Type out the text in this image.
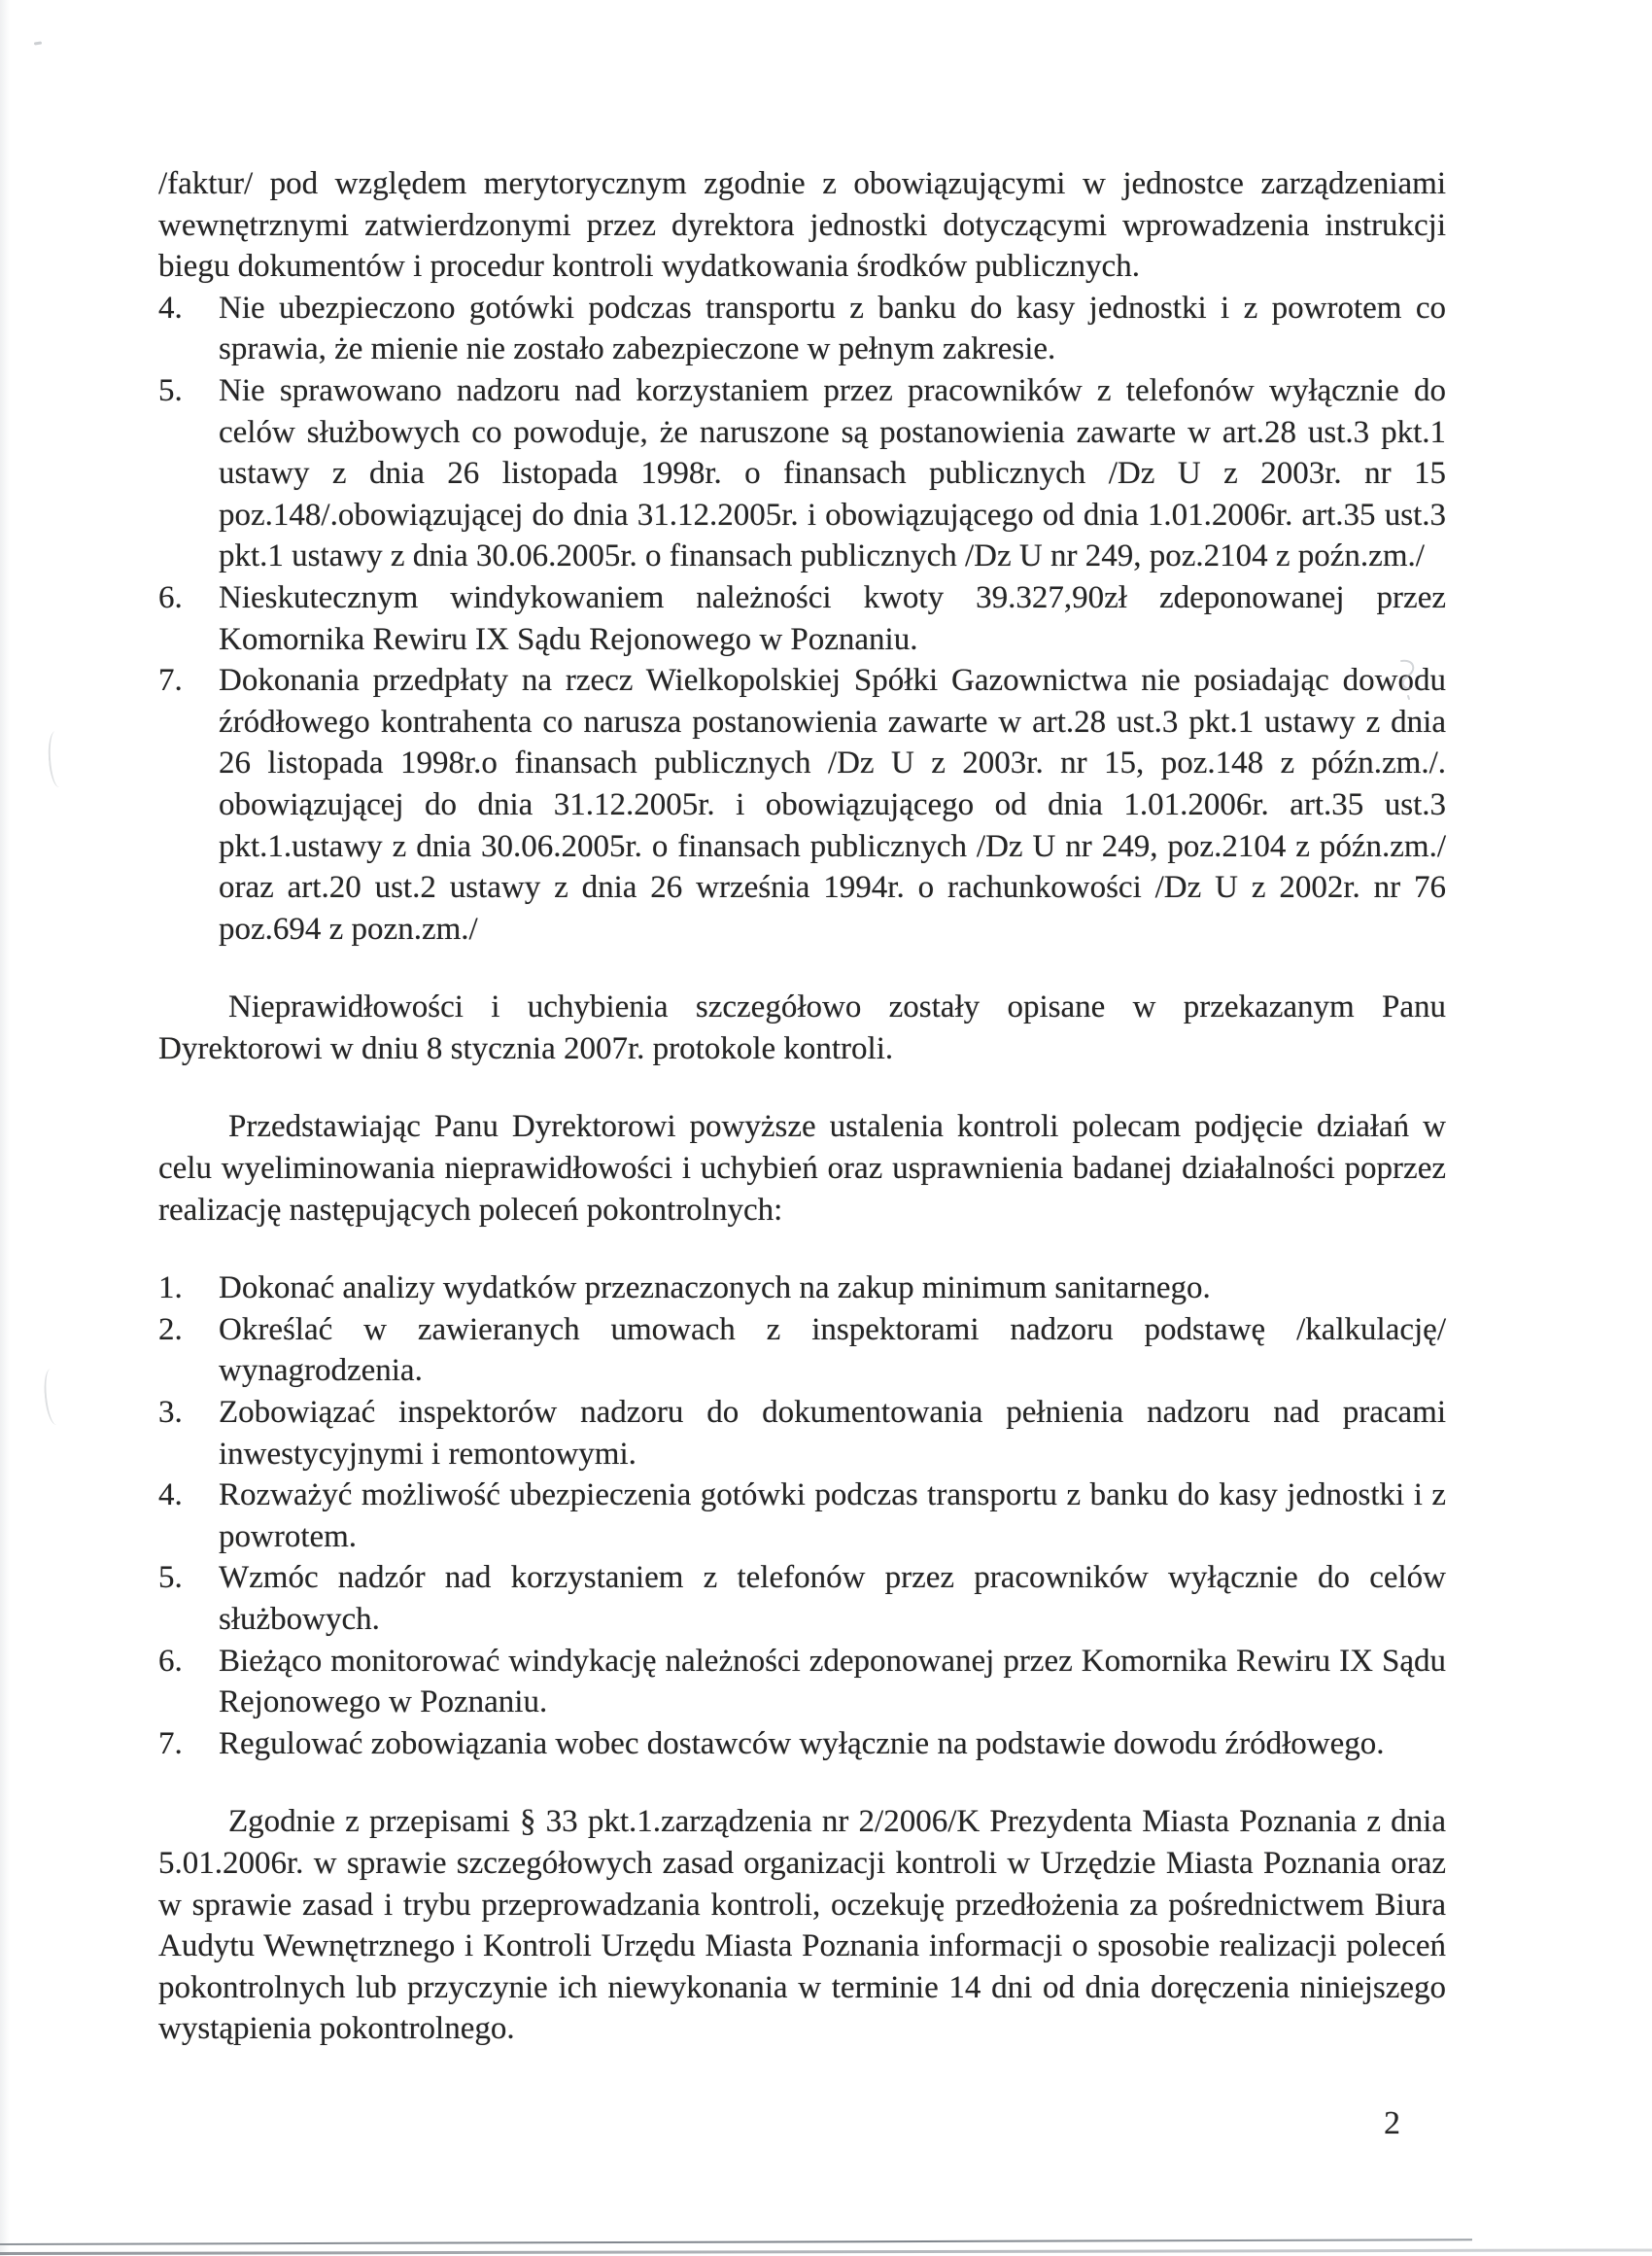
/faktur/ pod względem merytorycznym zgodnie z obowiązującymi w jednostce zarządzeniami wewnętrznymi zatwierdzonymi przez dyrektora jednostki dotyczącymi wprowadzenia instrukcji biegu dokumentów i procedur kontroli wydatkowania środków publicznych.

4.	Nie ubezpieczono gotówki podczas transportu z banku do kasy jednostki i z powrotem co sprawia, że mienie nie zostało zabezpieczone w pełnym zakresie.
5.	Nie sprawowano nadzoru nad korzystaniem przez pracowników z telefonów wyłącznie do celów służbowych co powoduje, że naruszone są postanowienia zawarte w art.28 ust.3 pkt.1 ustawy z dnia 26 listopada 1998r. o finansach publicznych /Dz U z 2003r. nr 15 poz.148/.obowiązującej do dnia 31.12.2005r. i obowiązującego od dnia 1.01.2006r. art.35 ust.3 pkt.1 ustawy z dnia 30.06.2005r. o finansach publicznych /Dz U nr 249, poz.2104 z poźn.zm./
6.	Nieskutecznym windykowaniem należności kwoty 39.327,90zł zdeponowanej przez Komornika Rewiru IX Sądu Rejonowego w Poznaniu.
7.	Dokonania przedpłaty na rzecz Wielkopolskiej Spółki Gazownictwa nie posiadając dowodu źródłowego kontrahenta co narusza postanowienia zawarte w art.28 ust.3 pkt.1 ustawy z dnia 26 listopada 1998r.o finansach publicznych /Dz U z 2003r. nr 15, poz.148 z późn.zm./. obowiązującej do dnia 31.12.2005r. i obowiązującego od dnia 1.01.2006r. art.35 ust.3 pkt.1.ustawy z dnia 30.06.2005r. o finansach publicznych /Dz U nr 249, poz.2104 z późn.zm./ oraz art.20 ust.2 ustawy z dnia 26 września 1994r. o rachunkowości /Dz U z 2002r. nr 76 poz.694 z pozn.zm./

Nieprawidłowości i uchybienia szczegółowo zostały opisane w przekazanym Panu Dyrektorowi w dniu 8 stycznia 2007r. protokole kontroli.

Przedstawiając Panu Dyrektorowi powyższe ustalenia kontroli polecam podjęcie działań w celu wyeliminowania nieprawidłowości i uchybień oraz usprawnienia badanej działalności poprzez realizację następujących poleceń pokontrolnych:

1.	Dokonać analizy wydatków przeznaczonych na zakup minimum sanitarnego.
2.	Określać w zawieranych umowach z inspektorami nadzoru podstawę /kalkulację/ wynagrodzenia.
3.	Zobowiązać inspektorów nadzoru do dokumentowania pełnienia nadzoru nad pracami inwestycyjnymi i remontowymi.
4.	Rozważyć możliwość ubezpieczenia gotówki podczas transportu z banku do kasy jednostki i z powrotem.
5.	Wzmóc nadzór nad korzystaniem z telefonów przez pracowników wyłącznie do celów służbowych.
6.	Bieżąco monitorować windykację należności zdeponowanej przez Komornika Rewiru IX Sądu Rejonowego w Poznaniu.
7.	Regulować zobowiązania wobec dostawców wyłącznie na podstawie dowodu źródłowego.

Zgodnie z przepisami § 33 pkt.1.zarządzenia nr 2/2006/K Prezydenta Miasta Poznania z dnia 5.01.2006r. w sprawie szczegółowych zasad organizacji kontroli w Urzędzie Miasta Poznania oraz w sprawie zasad i trybu przeprowadzania kontroli, oczekuję przedłożenia za pośrednictwem Biura Audytu Wewnętrznego i Kontroli Urzędu Miasta Poznania informacji o sposobie realizacji poleceń pokontrolnych lub przyczynie ich niewykonania w terminie 14 dni od dnia doręczenia niniejszego wystąpienia pokontrolnego.

2
